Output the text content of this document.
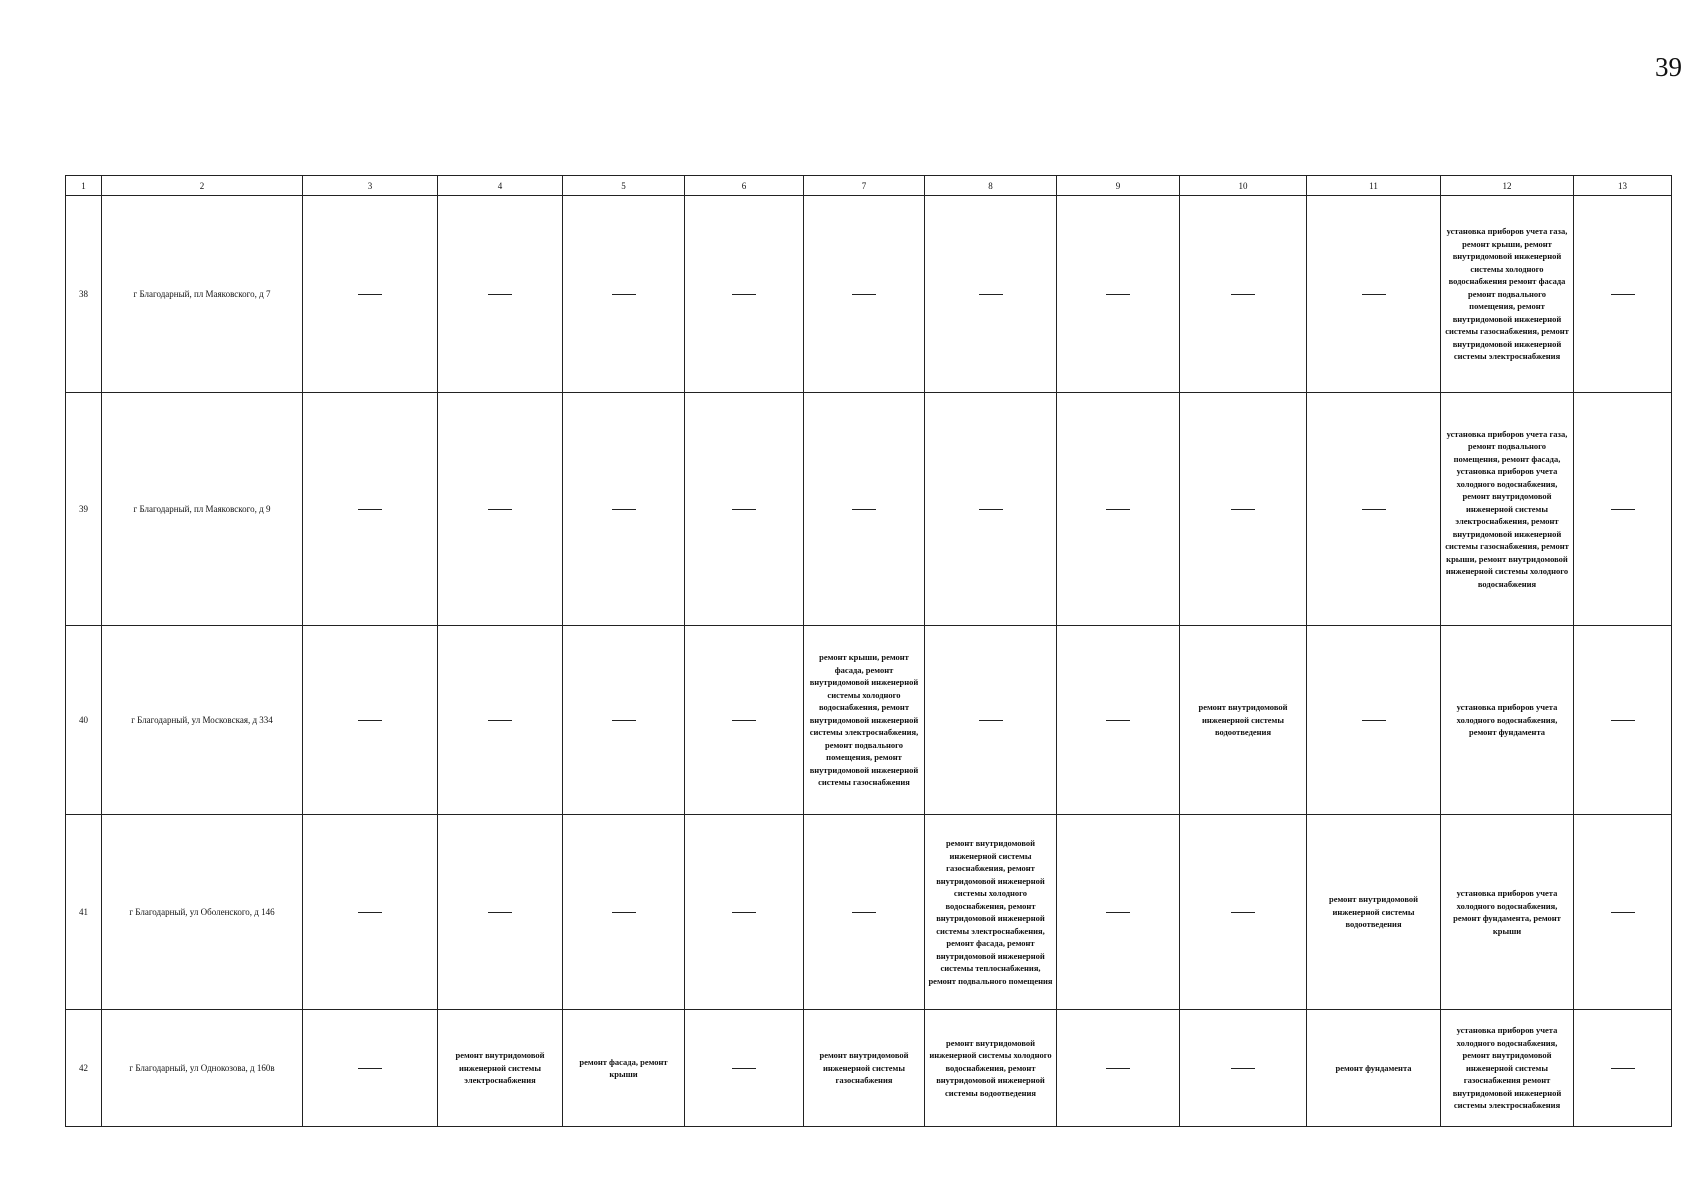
39
1	2	3	4	5	6	7	8	9	10	11	12	13
38	г Благодарный, пл Маяковского, д 7										установка приборов учета газа, ремонт крыши, ремонт внутридомовой инженерной системы холодного водоснабжения ремонт фасада ремонт подвального помещения, ремонт внутридомовой инженерной системы газоснабжения, ремонт внутридомовой инженерной системы электроснабжения	
39	г Благодарный, пл Маяковского, д 9										установка приборов учета газа, ремонт подвального помещения, ремонт фасада, установка приборов учета холодного водоснабжения, ремонт внутридомовой инженерной системы электроснабжения, ремонт внутридомовой инженерной системы газоснабжения, ремонт крыши, ремонт внутридомовой инженерной системы холодного водоснабжения	
40	г Благодарный, ул Московская, д 334					ремонт крыши, ремонт фасада, ремонт внутридомовой инженерной системы холодного водоснабжения, ремонт внутридомовой инженерной системы электроснабжения, ремонт подвального помещения, ремонт внутридомовой инженерной системы газоснабжения			ремонт внутридомовой инженерной системы водоотведения		установка приборов учета холодного водоснабжения, ремонт фундамента	
41	г Благодарный, ул Оболенского, д 146						ремонт внутридомовой инженерной системы газоснабжения, ремонт внутридомовой инженерной системы холодного водоснабжения, ремонт внутридомовой инженерной системы электроснабжения, ремонт фасада, ремонт внутридомовой инженерной системы теплоснабжения, ремонт подвального помещения			ремонт внутридомовой инженерной системы водоотведения	установка приборов учета холодного водоснабжения, ремонт фундамента, ремонт крыши	
42	г Благодарный, ул Однокозова, д 160в		ремонт внутридомовой инженерной системы электроснабжения	ремонт фасада, ремонт крыши		ремонт внутридомовой инженерной системы газоснабжения	ремонт внутридомовой инженерной системы холодного водоснабжения, ремонт внутридомовой инженерной системы водоотведения			ремонт фундамента	установка приборов учета холодного водоснабжения, ремонт внутридомовой инженерной системы газоснабжения ремонт внутридомовой инженерной системы электроснабжения	
